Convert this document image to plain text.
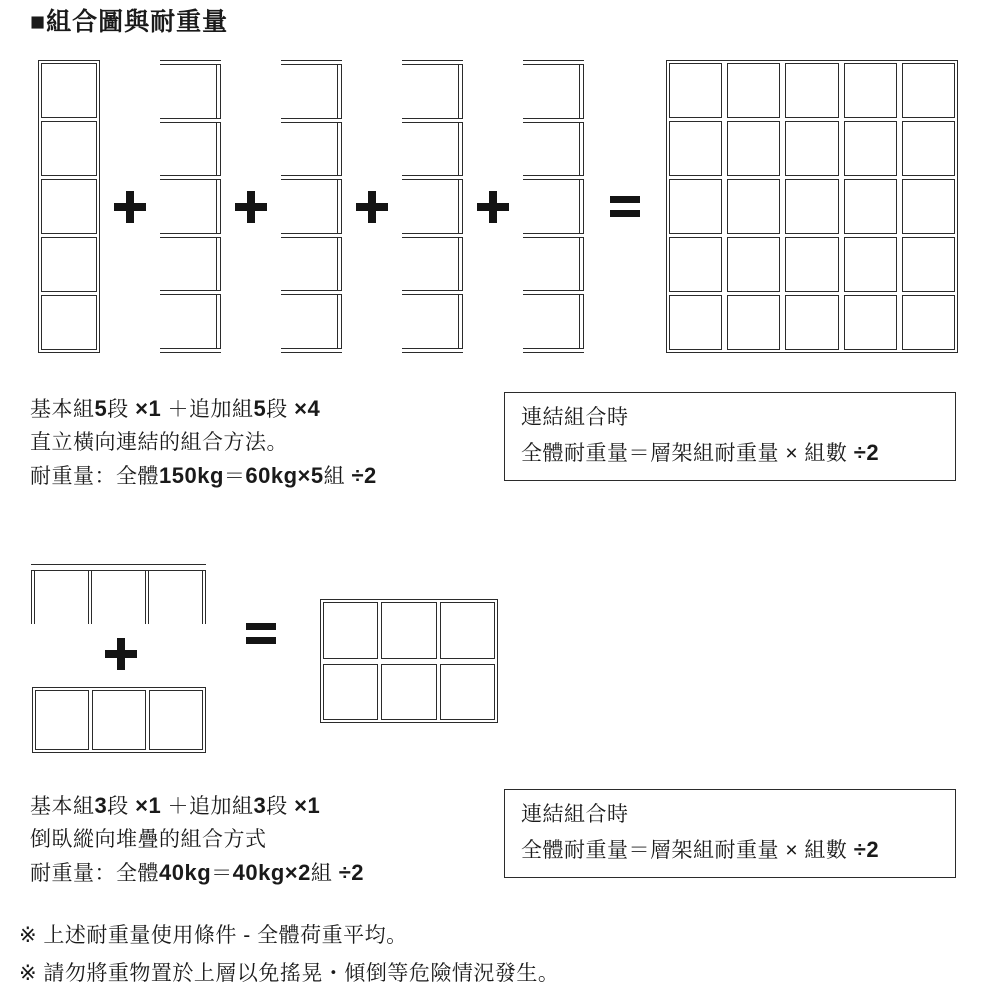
■組合圖與耐重量
基本組5段 ×1 ＋追加組5段 ×4
直立橫向連結的組合方法。
耐重量：全體150kg＝60kg×5組 ÷2
連結組合時
全體耐重量＝層架組耐重量 × 組數 ÷2
基本組3段 ×1 ＋追加組3段 ×1
倒臥縱向堆疊的組合方式
耐重量：全體40kg＝40kg×2組 ÷2
連結組合時
全體耐重量＝層架組耐重量 × 組數 ÷2
※ 上述耐重量使用條件 - 全體荷重平均。
※ 請勿將重物置於上層以免搖晃・傾倒等危險情況發生。
